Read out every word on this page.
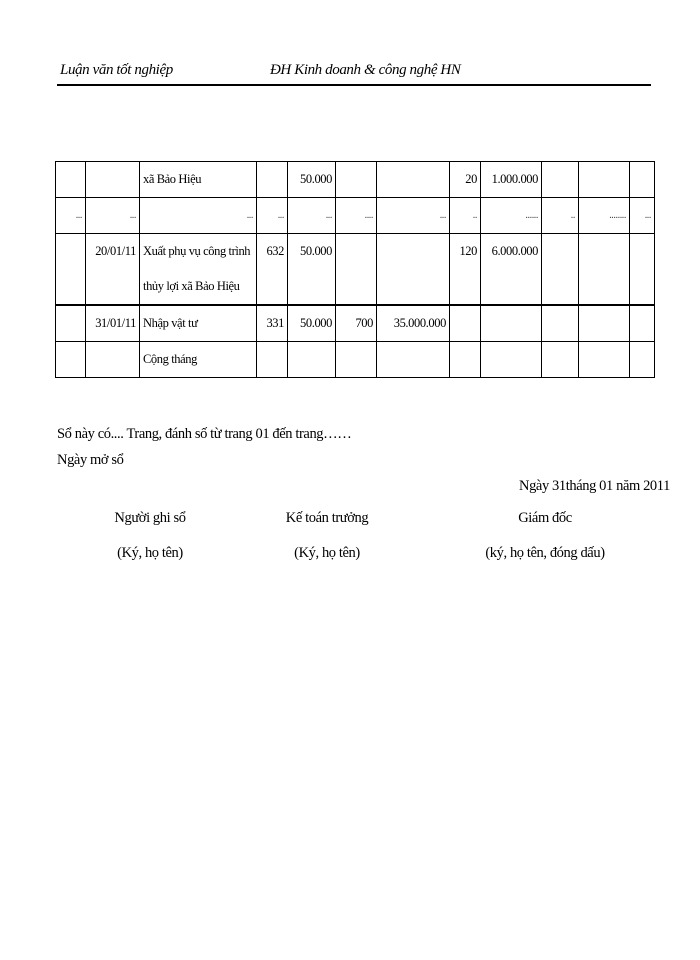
Luận văn tốt nghiệp	ĐH Kinh doanh & công nghệ HN
		xã Bảo Hiệu		50.000			20	1.000.000			
...	...	...	...	...	....	...	..	......	..	........	...
	20/01/11	Xuất phụ vụ công trình thủy lợi xã Bảo Hiệu	632	50.000			120	6.000.000			

	31/01/11	Nhập vật tư	331	50.000	700	35.000.000					
		Cộng tháng									
Sổ này có.... Trang, đánh số từ trang 01 đến trang……
Ngày mở sổ
Ngày 31tháng 01 năm 2011
Người ghi sổ
(Ký, họ tên)
Kế toán trưởng
(Ký, họ tên)
Giám đốc
(ký, họ tên, đóng dấu)
